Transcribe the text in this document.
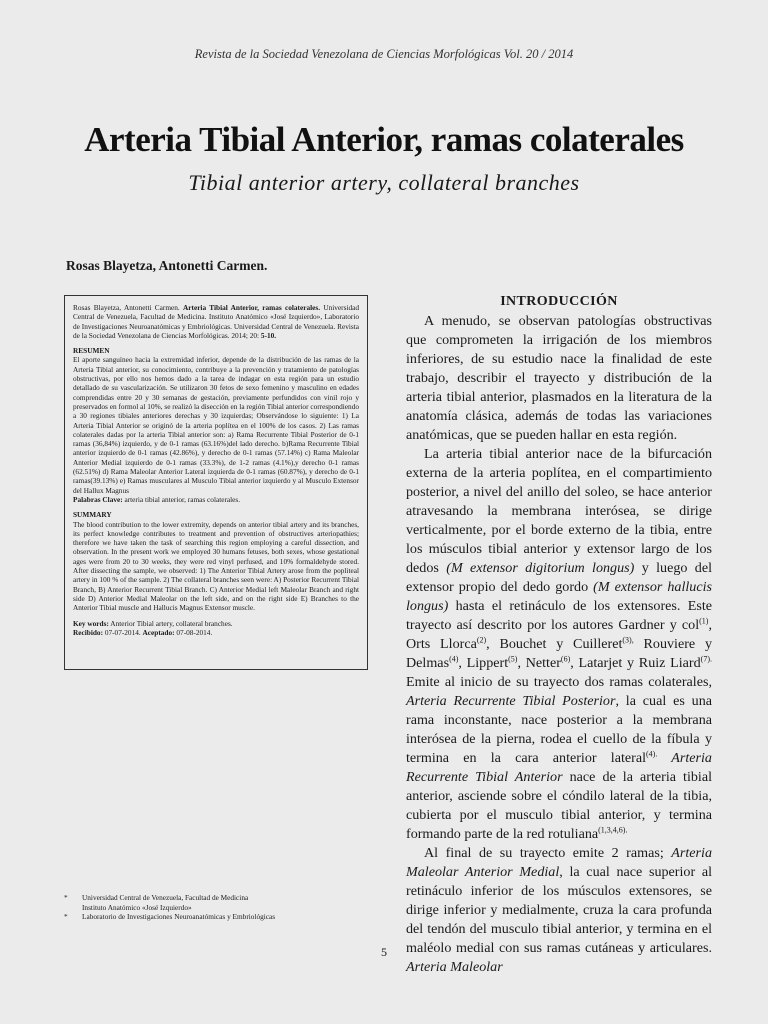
Revista de la Sociedad Venezolana de Ciencias Morfológicas Vol. 20 / 2014
Arteria Tibial Anterior, ramas colaterales
Tibial anterior artery, collateral branches
Rosas Blayetza, Antonetti Carmen.

Rosas Blayetza, Antonetti Carmen. Arteria Tibial Anterior, ramas colaterales. Universidad Central de Venezuela, Facultad de Medicina. Instituto Anatómico «José Izquierdo», Laboratorio de Investigaciones Neuroanatómicas y Embriológicas. Universidad Central de Venezuela. Revista de la Sociedad Venezolana de Ciencias Morfológicas. 2014; 20: 5-10.

RESUMEN

El aporte sanguíneo hacia la extremidad inferior, depende de la distribución de las ramas de la Arteria Tibial anterior, su conocimiento, contribuye a la prevención y tratamiento de patologías obstructivas, por ello nos hemos dado a la tarea de indagar en esta región para un estudio detallado de su vascularización. Se utilizaron 30 fetos de sexo femenino y masculino en edades comprendidas entre 20 y 30 semanas de gestación, previamente perfundidos con vinil rojo y preservados en formol al 10%, se realizó la disección en la región Tibial anterior correspondiendo a 30 regiones tibiales anteriores derechas y 30 izquierdas; Observándose lo siguiente: 1) La Arteria Tibial Anterior se originó de la arteria poplítea en el 100% de los casos. 2) Las ramas colaterales dadas por la arteria Tibial anterior son: a) Rama Recurrente Tibial Posterior de 0-1 ramas (36,84%) izquierdo, y de 0-1 ramas (63.16%)del lado derecho. b)Rama Recurrente Tibial anterior izquierdo de 0-1 ramas (42.86%), y derecho de 0-1 ramas (57.14%) c) Rama Maleolar Anterior Medial izquierdo de 0-1 ramas (33.3%), de 1-2 ramas (4.1%),y derecho 0-1 ramas (62.51%) d) Rama Maleolar Anterior Lateral izquierda de 0-1 ramas (60.87%), y derecho de 0-1 ramas(39.13%) e) Ramas musculares al Musculo Tibial anterior izquierdo y al Musculo Extensor del Hallux Magnus

Palabras Clave: arteria tibial anterior, ramas colaterales.

SUMMARY

The blood contribution to the lower extremity, depends on anterior tibial artery and its branches, its perfect knowledge contributes to treatment and prevention of obstructives arteriopathies; therefore we have taken the task of searching this region employing a careful dissection, and observation. In the present work we employed 30 humans fetuses, both sexes, whose gestational ages were from 20 to 30 weeks, they were red vinyl perfused, and 10% formaldehyde stored. After dissecting the sample, we observed: 1) The Anterior Tibial Artery arose from the popliteal artery in 100 % of the sample. 2) The collateral branches seen were: A) Posterior Recurrent Tibial Branch, B) Anterior Recurrent Tibial Branch. C) Anterior Medial left Maleolar Branch and right side D) Anterior Medial Maleolar on the left side, and on the right side E) Branches to the Anterior Tibial muscle and Hallucis Magnus Extensor muscle.

Key words: Anterior Tibial artery, collateral branches.

Recibido: 07-07-2014. Aceptado: 07-08-2014.

* Universidad Central de Venezuela, Facultad de Medicina
Instituto Anatómico «José Izquierdo»
* Laboratorio de Investigaciones Neuroanatómicas y Embriológicas
INTRODUCCIÓN

A menudo, se observan patologías obstructivas que comprometen la irrigación de los miembros inferiores, de su estudio nace la finalidad de este trabajo, describir el trayecto y distribución de la arteria tibial anterior, plasmados en la literatura de la anatomía clásica, además de todas las variaciones anatómicas, que se pueden hallar en esta región.

La arteria tibial anterior nace de la bifurcación externa de la arteria poplítea, en el compartimiento posterior, a nivel del anillo del soleo, se hace anterior atravesando la membrana interósea, se dirige verticalmente, por el borde externo de la tibia, entre los músculos tibial anterior y extensor largo de los dedos (M extensor digitorium longus) y luego del extensor propio del dedo gordo (M extensor hallucis longus) hasta el retináculo de los extensores. Este trayecto así descrito por los autores Gardner y col$^{(1)}$, Orts Llorca$^{(2)}$, Bouchet y Cuilleret$^{(3),}$ Rouviere y Delmas$^{(4)}$, Lippert$^{(5)}$, Netter$^{(6)}$, Latarjet y Ruiz Liard$^{(7).}$ Emite al inicio de su trayecto dos ramas colaterales, Arteria Recurrente Tibial Posterior, la cual es una rama inconstante, nace posterior a la membrana interósea de la pierna, rodea el cuello de la fíbula y termina en la cara anterior lateral$^{(4).}$ Arteria Recurrente Tibial Anterior nace de la arteria tibial anterior, asciende sobre el cóndilo lateral de la tibia, cubierta por el musculo tibial anterior, y termina formando parte de la red rotuliana$^{(1,3,4,6).}$

Al final de su trayecto emite 2 ramas; Arteria Maleolar Anterior Medial, la cual nace superior al retináculo inferior de los músculos extensores, se dirige inferior y medialmente, cruza la cara profunda del tendón del musculo tibial anterior, y termina en el maléolo medial con sus ramas cutáneas y articulares. Arteria Maleolar

5
